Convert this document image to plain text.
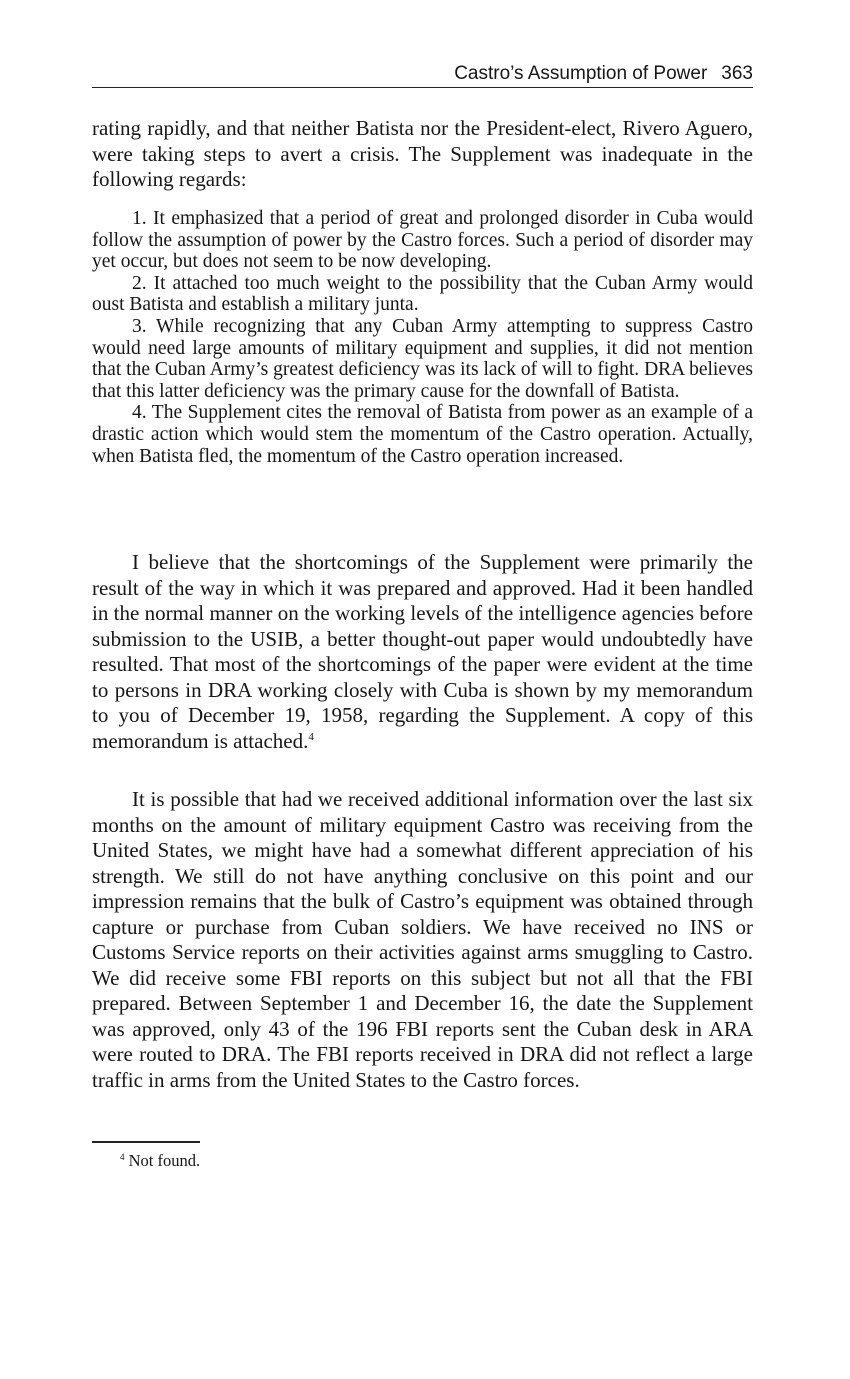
Castro’s Assumption of Power 363

rating rapidly, and that neither Batista nor the President-elect, Rivero Aguero, were taking steps to avert a crisis. The Supplement was inadequate in the following regards:

1. It emphasized that a period of great and prolonged disorder in Cuba would follow the assumption of power by the Castro forces. Such a period of disorder may yet occur, but does not seem to be now developing.

2. It attached too much weight to the possibility that the Cuban Army would oust Batista and establish a military junta.

3. While recognizing that any Cuban Army attempting to suppress Castro would need large amounts of military equipment and supplies, it did not mention that the Cuban Army’s greatest deficiency was its lack of will to fight. DRA believes that this latter deficiency was the primary cause for the downfall of Batista.

4. The Supplement cites the removal of Batista from power as an example of a drastic action which would stem the momentum of the Castro operation. Actually, when Batista fled, the momentum of the Castro operation increased.

I believe that the shortcomings of the Supplement were primarily the result of the way in which it was prepared and approved. Had it been handled in the normal manner on the working levels of the intelligence agencies before submission to the USIB, a better thought-out paper would undoubtedly have resulted. That most of the shortcomings of the paper were evident at the time to persons in DRA working closely with Cuba is shown by my memorandum to you of December 19, 1958, regarding the Supplement. A copy of this memorandum is attached.$^4$

It is possible that had we received additional information over the last six months on the amount of military equipment Castro was receiving from the United States, we might have had a somewhat different appreciation of his strength. We still do not have anything conclusive on this point and our impression remains that the bulk of Castro’s equipment was obtained through capture or purchase from Cuban soldiers. We have received no INS or Customs Service reports on their activities against arms smuggling to Castro. We did receive some FBI reports on this subject but not all that the FBI prepared. Between September 1 and December 16, the date the Supplement was approved, only 43 of the 196 FBI reports sent the Cuban desk in ARA were routed to DRA. The FBI reports received in DRA did not reflect a large traffic in arms from the United States to the Castro forces.

$^4$ Not found.
